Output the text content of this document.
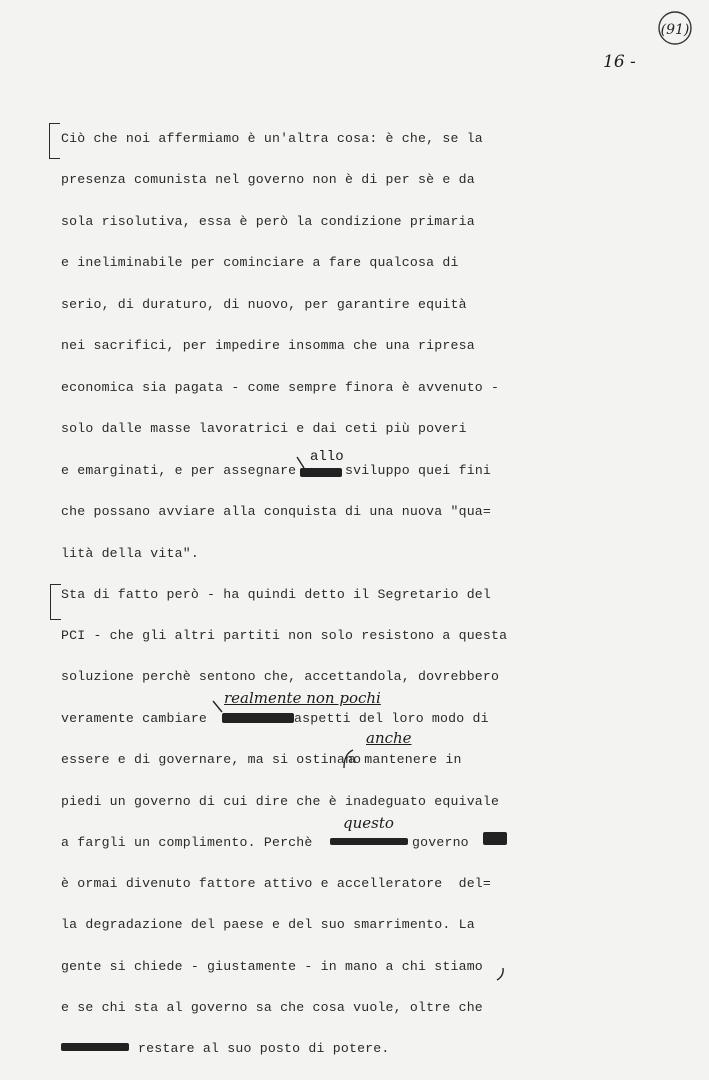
(91)
16 -
Ciò che noi affermiamo è un'altra cosa: è che, se la
presenza comunista nel governo non è di per sè e da
sola risolutiva, essa è però la condizione primaria
e ineliminabile per cominciare a fare qualcosa di
serio, di duraturo, di nuovo, per garantire equità
nei sacrifici, per impedire insomma che una ripresa
economica sia pagata - come sempre finora è avvenuto -
solo dalle masse lavoratrici e dai ceti più poveri
e emarginati, e per assegnare
allo
sviluppo quei fini
che possano avviare alla conquista di una nuova "qua=
lità della vita".
Sta di fatto però - ha quindi detto il Segretario del
PCI - che gli altri partiti non solo resistono a questa
soluzione perchè sentono che, accettandola, dovrebbero
realmente non pochi
veramente cambiare	aspetti del loro modo di
anche
essere e di governare, ma si ostinano
a mantenere in
piedi un governo di cui dire che è inadeguato equivale
questo
a fargli un complimento. Perchè	governo
è ormai divenuto fattore attivo e accelleratore  del=
la degradazione del paese e del suo smarrimento. La
gente si chiede - giustamente - in mano a chi stiamo
e se chi sta al governo sa che cosa vuole, oltre che
restare al suo posto di potere.
